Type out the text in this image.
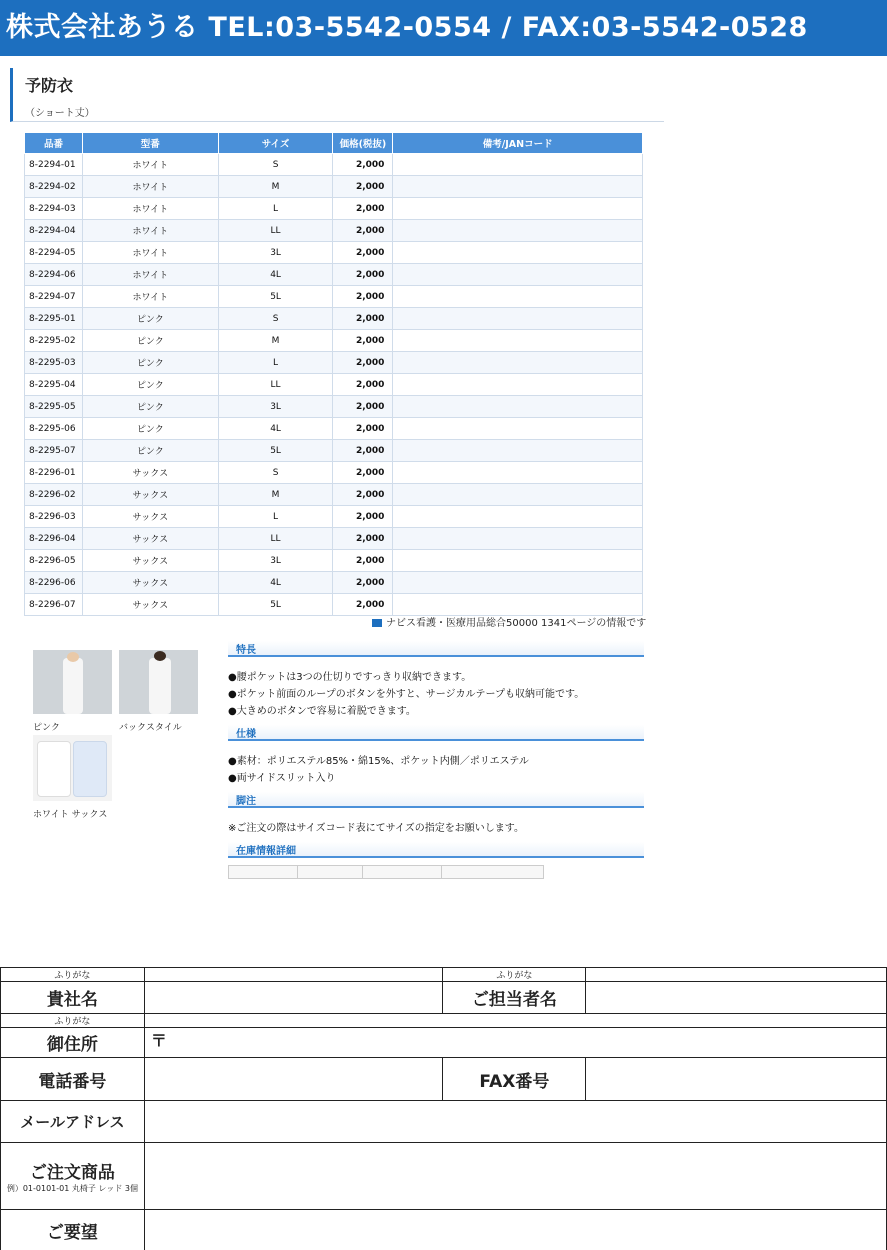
株式会社あうる TEL:03-5542-0554 / FAX:03-5542-0528
予防衣
（ショート丈）
品番	型番	サイズ	価格(税抜)	備考/JANコード
8-2294-01	ホワイト	S	2,000	
8-2294-02	ホワイト	M	2,000	
8-2294-03	ホワイト	L	2,000	
8-2294-04	ホワイト	LL	2,000	
8-2294-05	ホワイト	3L	2,000	
8-2294-06	ホワイト	4L	2,000	
8-2294-07	ホワイト	5L	2,000	
8-2295-01	ピンク	S	2,000	
8-2295-02	ピンク	M	2,000	
8-2295-03	ピンク	L	2,000	
8-2295-04	ピンク	LL	2,000	
8-2295-05	ピンク	3L	2,000	
8-2295-06	ピンク	4L	2,000	
8-2295-07	ピンク	5L	2,000	
8-2296-01	サックス	S	2,000	
8-2296-02	サックス	M	2,000	
8-2296-03	サックス	L	2,000	
8-2296-04	サックス	LL	2,000	
8-2296-05	サックス	3L	2,000	
8-2296-06	サックス	4L	2,000	
8-2296-07	サックス	5L	2,000	
ナビス看護・医療用品総合50000 1341ページの情報です
ピンク	バックスタイル
ホワイト サックス
特長
●腰ポケットは3つの仕切りですっきり収納できます。
●ポケット前面のループのボタンを外すと、サージカルテープも収納可能です。
●大きめのボタンで容易に着脱できます。
仕様
●素材：ポリエステル85%・綿15%、ポケット内側／ポリエステル
●両サイドスリット入り
脚注
※ご注文の際はサイズコード表にてサイズの指定をお願いします。
在庫情報詳細
ふりがな		ふりがな	
貴社名		ご担当者名	
ふりがな			
御住所	〒		
電話番号		FAX番号	
メールアドレス			

ご注文商品
例）01-0101-01 丸椅子 レッド 3個			

ご要望			
